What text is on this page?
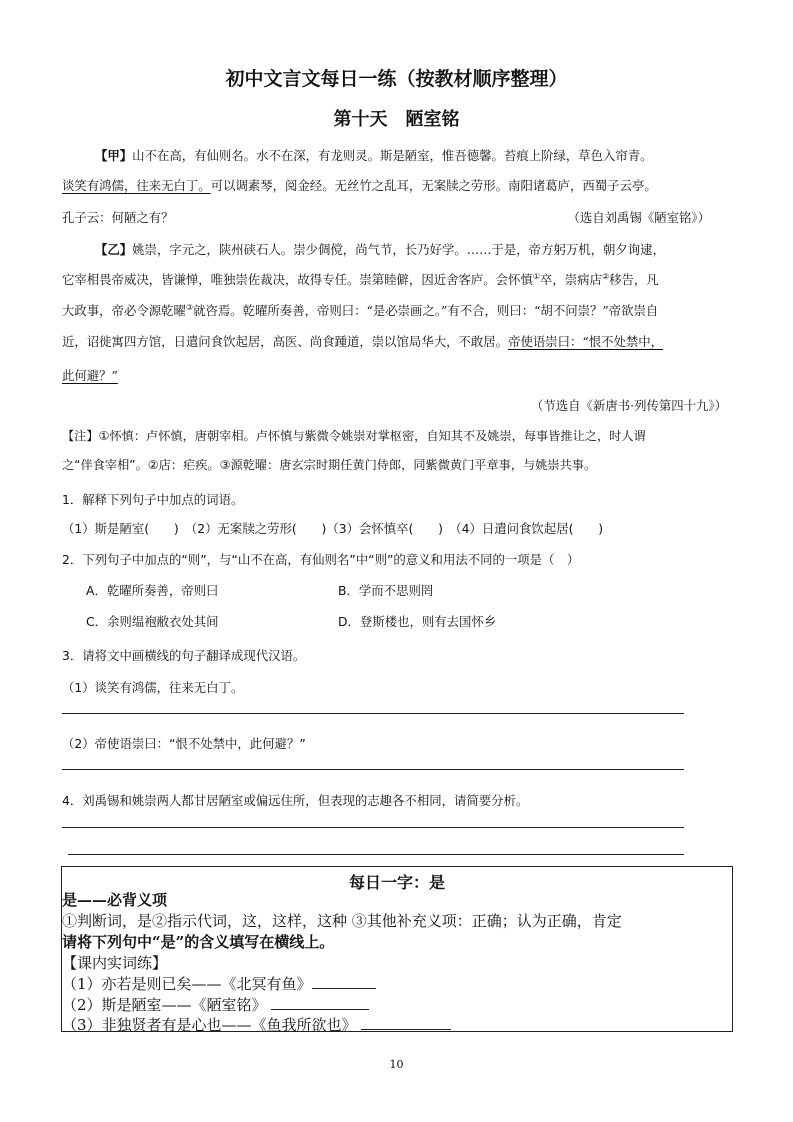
初中文言文每日一练（按教材顺序整理）
第十天　陋室铭
【甲】山不在高，有仙则名。水不在深，有龙则灵。斯是陋室，惟吾德馨。苔痕上阶绿，草色入帘青。
谈笑有鸿儒，往来无白丁。可以调素琴，阅金经。无丝竹之乱耳，无案牍之劳形。南阳诸葛庐，西蜀子云亭。
孔子云：何陋之有？	（选自刘禹锡《陋室铭》）
【乙】姚崇，字元之，陕州硖石人。崇少倜傥，尚气节，长乃好学。……于是，帝方躬万机，朝夕询逮，
它宰相畏帝威决，皆谦惮，唯独崇佐裁决，故得专任。崇第睦僻，因近舍客庐。会怀慎①卒，崇病店②移告，凡
大政事，帝必令源乾曜③就咨焉。乾曜所奏善，帝则曰：“是必崇画之。”有不合，则曰：“胡不问崇？”帝欲崇自
近，诏徙寓四方馆，日遣问食饮起居，高医、尚食踵道，崇以馆局华大，不敢居。帝使语崇曰：“恨不处禁中，
此何避？”
（节选自《新唐书·列传第四十九》）
【注】①怀慎：卢怀慎，唐朝宰相。卢怀慎与紫微令姚崇对掌枢密，自知其不及姚崇，每事皆推让之，时人谓
之“伴食宰相”。②店：疟疾。③源乾曜：唐玄宗时期任黄门侍郎，同紫微黄门平章事，与姚崇共事。
1．解释下列句子中加点的词语。
（1）斯是陋室(　　)　（2）无案牍之劳形(　　)（3）会怀慎卒(　　)　（4）日遣问食饮起居(　　)
2．下列句子中加点的“则”，与“山不在高，有仙则名”中“则”的意义和用法不同的一项是（　）
A．乾曜所奏善，帝则曰	B．学而不思则罔
C．余则缊袍敝衣处其间	D．登斯楼也，则有去国怀乡
3．请将文中画横线的句子翻译成现代汉语。
（1）谈笑有鸿儒，往来无白丁。
（2）帝使语崇曰：“恨不处禁中，此何避？”
4．刘禹锡和姚崇两人都甘居陋室或偏远住所，但表现的志趣各不相同，请简要分析。
每日一字：是
是——必背义项
①判断词，是②指示代词，这，这样，这种 ③其他补充义项：正确；认为正确，肯定
请将下列句中“是”的含义填写在横线上。
【课内实词练】
（1）亦若是则已矣——《北冥有鱼》
（2）斯是陋室——《陋室铭》
（3）非独贤者有是心也——《鱼我所欲也》
10
